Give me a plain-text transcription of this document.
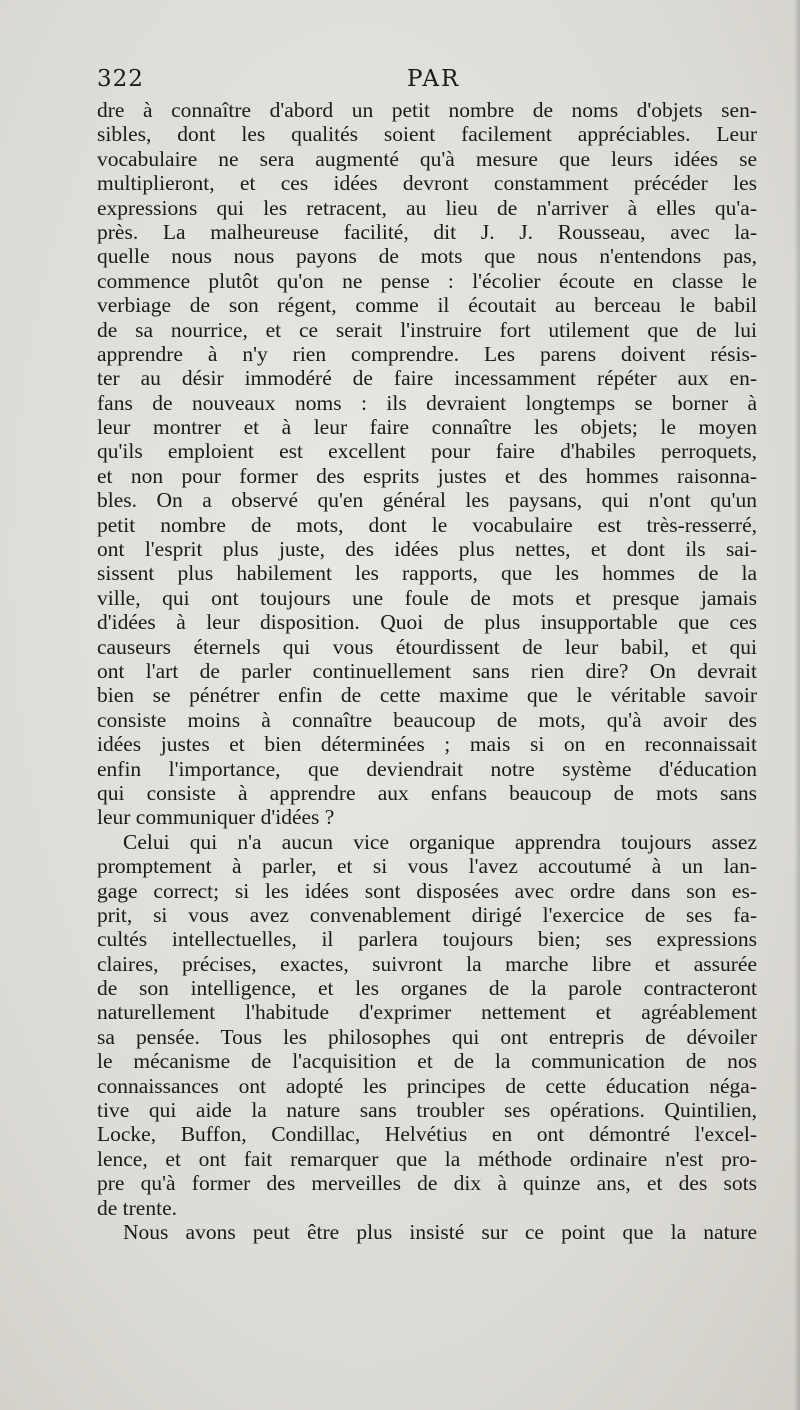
322	PAR
dre à connaître d'abord un petit nombre de noms d'objets sen-
sibles, dont les qualités soient facilement appréciables. Leur
vocabulaire ne sera augmenté qu'à mesure que leurs idées se
multiplieront, et ces idées devront constamment précéder les
expressions qui les retracent, au lieu de n'arriver à elles qu'a-
près. La malheureuse facilité, dit J. J. Rousseau, avec la-
quelle nous nous payons de mots que nous n'entendons pas,
commence plutôt qu'on ne pense : l'écolier écoute en classe le
verbiage de son régent, comme il écoutait au berceau le babil
de sa nourrice, et ce serait l'instruire fort utilement que de lui
apprendre à n'y rien comprendre. Les parens doivent résis-
ter au désir immodéré de faire incessamment répéter aux en-
fans de nouveaux noms : ils devraient longtemps se borner à
leur montrer et à leur faire connaître les objets; le moyen
qu'ils emploient est excellent pour faire d'habiles perroquets,
et non pour former des esprits justes et des hommes raisonna-
bles. On a observé qu'en général les paysans, qui n'ont qu'un
petit nombre de mots, dont le vocabulaire est très-resserré,
ont l'esprit plus juste, des idées plus nettes, et dont ils sai-
sissent plus habilement les rapports, que les hommes de la
ville, qui ont toujours une foule de mots et presque jamais
d'idées à leur disposition. Quoi de plus insupportable que ces
causeurs éternels qui vous étourdissent de leur babil, et qui
ont l'art de parler continuellement sans rien dire? On devrait
bien se pénétrer enfin de cette maxime que le véritable savoir
consiste moins à connaître beaucoup de mots, qu'à avoir des
idées justes et bien déterminées ; mais si on en reconnaissait
enfin l'importance, que deviendrait notre système d'éducation
qui consiste à apprendre aux enfans beaucoup de mots sans
leur communiquer d'idées ?
Celui qui n'a aucun vice organique apprendra toujours assez
promptement à parler, et si vous l'avez accoutumé à un lan-
gage correct; si les idées sont disposées avec ordre dans son es-
prit, si vous avez convenablement dirigé l'exercice de ses fa-
cultés intellectuelles, il parlera toujours bien; ses expressions
claires, précises, exactes, suivront la marche libre et assurée
de son intelligence, et les organes de la parole contracteront
naturellement l'habitude d'exprimer nettement et agréablement
sa pensée. Tous les philosophes qui ont entrepris de dévoiler
le mécanisme de l'acquisition et de la communication de nos
connaissances ont adopté les principes de cette éducation néga-
tive qui aide la nature sans troubler ses opérations. Quintilien,
Locke, Buffon, Condillac, Helvétius en ont démontré l'excel-
lence, et ont fait remarquer que la méthode ordinaire n'est pro-
pre qu'à former des merveilles de dix à quinze ans, et des sots
de trente.
Nous avons peut être plus insisté sur ce point que la nature
